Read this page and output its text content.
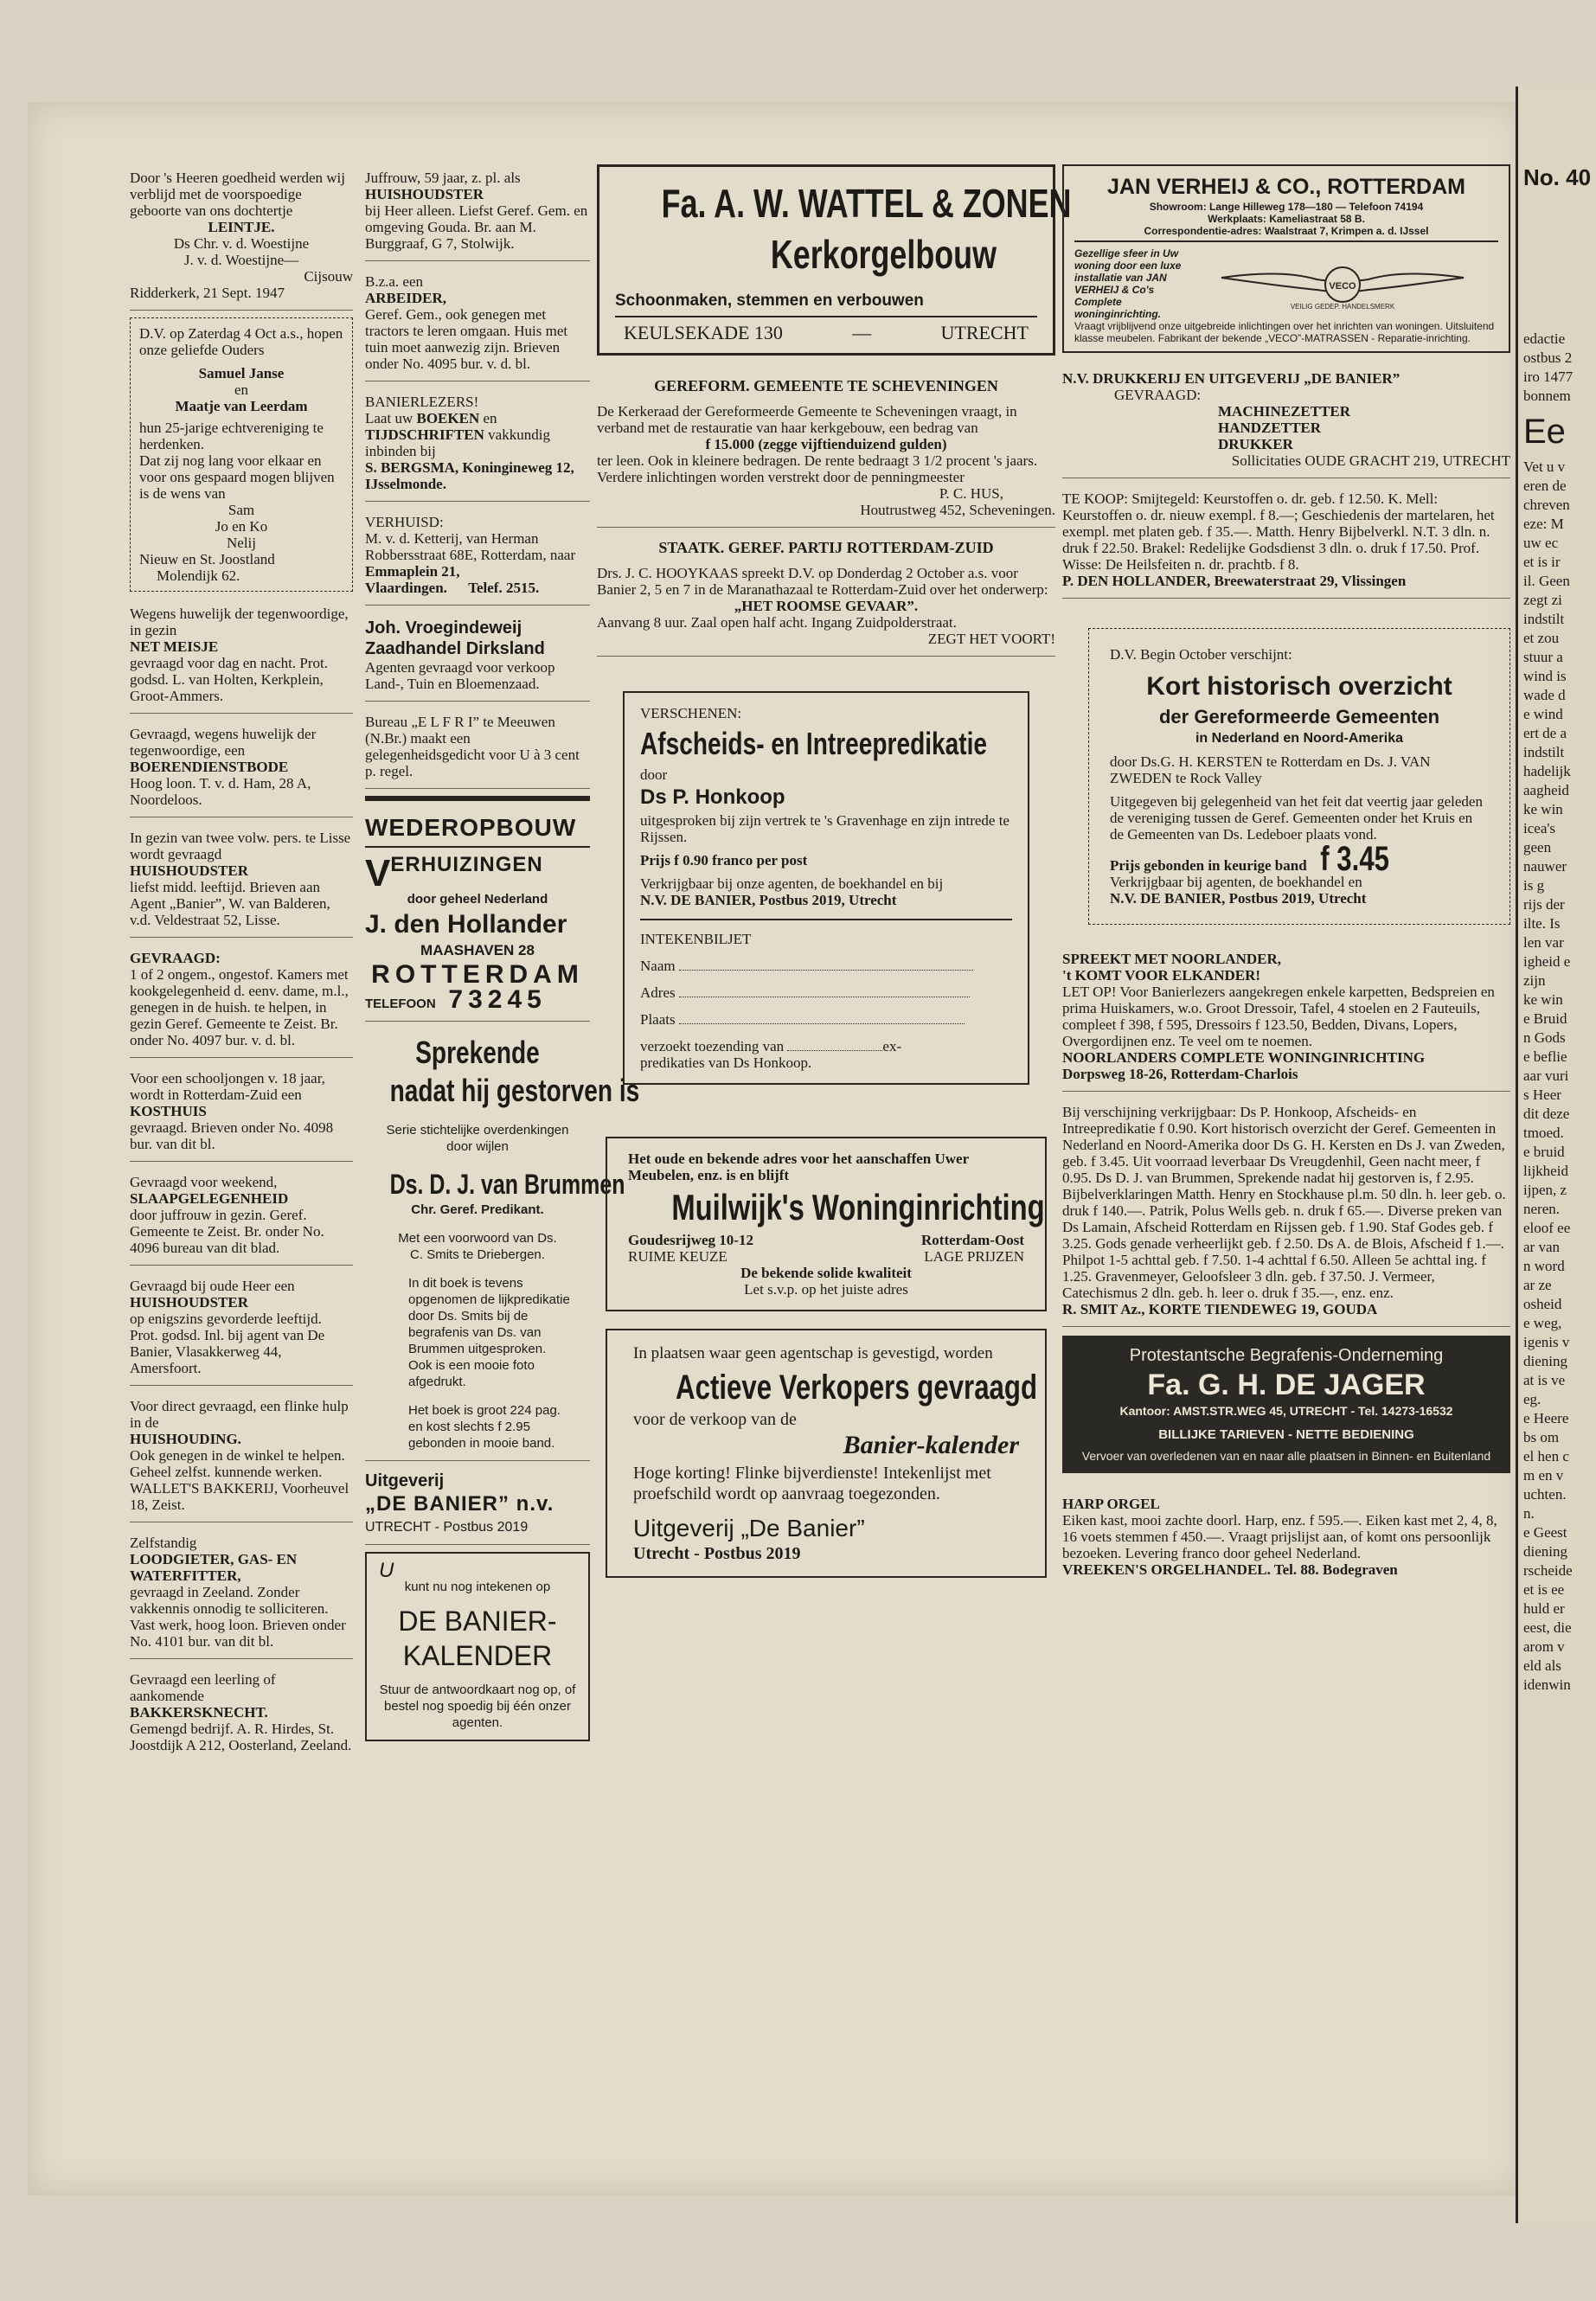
Door 's Heeren goedheid werden wij verblijd met de voorspoedige geboorte van ons dochtertje

LEINTJE.

Ds Chr. v. d. Woestijne

J. v. d. Woestijne—

Cijsouw

Ridderkerk, 21 Sept. 1947

D.V. op Zaterdag 4 Oct a.s., hopen onze geliefde Ouders

Samuel Janse

en

Maatje van Leerdam

hun 25-jarige echtvereniging te herdenken.

Dat zij nog lang voor elkaar en voor ons gespaard mogen blijven is de wens van

Sam

Jo en Ko

Nelij

Nieuw en St. Joostland

Molendijk 62.

Wegens huwelijk der tegenwoordige, in gezin

NET MEISJE

gevraagd voor dag en nacht. Prot. godsd. L. van Holten, Kerkplein, Groot-Ammers.

Gevraagd, wegens huwelijk der tegenwoordige, een

BOERENDIENSTBODE

Hoog loon. T. v. d. Ham, 28 A, Noordeloos.

In gezin van twee volw. pers. te Lisse wordt gevraagd

HUISHOUDSTER

liefst midd. leeftijd. Brieven aan Agent „Banier”, W. van Balderen, v.d. Veldestraat 52, Lisse.

GEVRAAGD:

1 of 2 ongem., ongestof. Kamers met kookgelegenheid d. eenv. dame, m.l., genegen in de huish. te helpen, in gezin Geref. Gemeente te Zeist. Br. onder No. 4097 bur. v. d. bl.

Voor een schooljongen v. 18 jaar, wordt in Rotterdam-Zuid een

KOSTHUIS

gevraagd. Brieven onder No. 4098 bur. van dit bl.

Gevraagd voor weekend,

SLAAPGELEGENHEID

door juffrouw in gezin. Geref. Gemeente te Zeist. Br. onder No. 4096 bureau van dit blad.

Gevraagd bij oude Heer een

HUISHOUDSTER

op enigszins gevorderde leeftijd. Prot. godsd. Inl. bij agent van De Banier, Vlasakkerweg 44, Amersfoort.

Voor direct gevraagd, een flinke hulp in de

HUISHOUDING.

Ook genegen in de winkel te helpen. Geheel zelfst. kunnende werken. WALLET'S BAKKERIJ, Voorheuvel 18, Zeist.

Zelfstandig

LOODGIETER, GAS- EN WATERFITTER,

gevraagd in Zeeland. Zonder vakkennis onnodig te solliciteren. Vast werk, hoog loon. Brieven onder No. 4101 bur. van dit bl.

Gevraagd een leerling of aankomende

BAKKERSKNECHT.

Gemengd bedrijf. A. R. Hirdes, St. Joostdijk A 212, Oosterland, Zeeland.

Juffrouw, 59 jaar, z. pl. als

HUISHOUDSTER

bij Heer alleen. Liefst Geref. Gem. en omgeving Gouda. Br. aan M. Burggraaf, G 7, Stolwijk.

B.z.a. een

ARBEIDER,

Geref. Gem., ook genegen met tractors te leren omgaan. Huis met tuin moet aanwezig zijn. Brieven onder No. 4095 bur. v. d. bl.

BANIERLEZERS!

Laat uw BOEKEN en TIJDSCHRIFTEN vakkundig inbinden bij

S. BERGSMA, Koningineweg 12, IJsselmonde.

VERHUISD:

M. v. d. Ketterij, van Herman Robbersstraat 68E, Rotterdam, naar

Emmaplein 21,

Vlaardingen. Telef. 2515.

Joh. Vroegindeweij

Zaadhandel Dirksland

Agenten gevraagd voor verkoop Land-, Tuin en Bloemenzaad.

Bureau „E L F R I” te Meeuwen (N.Br.) maakt een gelegenheidsgedicht voor U à 3 cent p. regel.

WEDEROPBOUW

VERHUIZINGEN

door geheel Nederland

J. den Hollander

MAASHAVEN 28

ROTTERDAM

TELEFOON 73245

Sprekende

nadat hij gestorven is

Serie stichtelijke overdenkingen door wijlen

Ds. D. J. van Brummen

Chr. Geref. Predikant.

Met een voorwoord van Ds. C. Smits te Driebergen.

In dit boek is tevens opgenomen de lijkpredikatie door Ds. Smits bij de begrafenis van Ds. van Brummen uitgesproken. Ook is een mooie foto afgedrukt.

Het boek is groot 224 pag. en kost slechts f 2.95 gebonden in mooie band.

Uitgeverij

„DE BANIER” n.v.

UTRECHT - Postbus 2019

U

kunt nu nog intekenen op

DE BANIER-KALENDER

Stuur de antwoordkaart nog op, of bestel nog spoedig bij één onzer agenten.

Fa. A. W. WATTEL & ZONEN

Kerkorgelbouw

Schoonmaken, stemmen en verbouwen

KEULSEKADE 130	—	UTRECHT

GEREFORM. GEMEENTE TE SCHEVENINGEN

De Kerkeraad der Gereformeerde Gemeente te Scheveningen vraagt, in verband met de restauratie van haar kerkgebouw, een bedrag van

f 15.000 (zegge vijftienduizend gulden)

ter leen. Ook in kleinere bedragen. De rente bedraagt 3 1/2 procent 's jaars. Verdere inlichtingen worden verstrekt door de penningmeester

P. C. HUS,

Houtrustweg 452, Scheveningen.

STAATK. GEREF. PARTIJ ROTTERDAM-ZUID

Drs. J. C. HOOYKAAS spreekt D.V. op Donderdag 2 October a.s. voor Banier 2, 5 en 7 in de Maranathazaal te Rotterdam-Zuid over het onderwerp:

„HET ROOMSE GEVAAR”.

Aanvang 8 uur. Zaal open half acht. Ingang Zuidpolderstraat.

ZEGT HET VOORT!

VERSCHENEN:

Afscheids- en Intreepredikatie

door

Ds P. Honkoop

uitgesproken bij zijn vertrek te 's Gravenhage en zijn intrede te Rijssen.

Prijs f 0.90 franco per post

Verkrijgbaar bij onze agenten, de boekhandel en bij

N.V. DE BANIER, Postbus 2019, Utrecht

INTEKENBILJET

Naam

Adres

Plaats

verzoekt toezending van	ex-

predikaties van Ds Honkoop.

Het oude en bekende adres voor het aanschaffen Uwer Meubelen, enz. is en blijft

Muilwijk's Woninginrichting

Goudesrijweg 10-12	Rotterdam-Oost

RUIME KEUZE	LAGE PRIJZEN

De bekende solide kwaliteit

Let s.v.p. op het juiste adres

In plaatsen waar geen agentschap is gevestigd, worden

Actieve Verkopers gevraagd

voor de verkoop van de

Banier-kalender

Hoge korting! Flinke bijverdienste! Intekenlijst met proefschild wordt op aanvraag toegezonden.

Uitgeverij „De Banier”

Utrecht - Postbus 2019

JAN VERHEIJ & CO., ROTTERDAM

Showroom: Lange Hilleweg 178—180 — Telefoon 74194

Werkplaats: Kameliastraat 58 B.

Correspondentie-adres: Waalstraat 7, Krimpen a. d. IJssel

Gezellige sfeer in Uw woning door een luxe installatie van JAN VERHEIJ & Co's Complete woninginrichting.

VECO
VEILIG GEDEP. HANDELSMERK

Vraagt vrijblijvend onze uitgebreide inlichtingen over het inrichten van woningen. Uitsluitend klasse meubelen. Fabrikant der bekende „VECO”-MATRASSEN - Reparatie-inrichting.

N.V. DRUKKERIJ EN UITGEVERIJ „DE BANIER”

GEVRAAGD:

MACHINEZETTER

HANDZETTER

DRUKKER

Sollicitaties OUDE GRACHT 219, UTRECHT

TE KOOP: Smijtegeld: Keurstoffen o. dr. geb. f 12.50. K. Mell: Keurstoffen o. dr. nieuw exempl. f 8.—; Geschiedenis der martelaren, het exempl. met platen geb. f 35.—. Matth. Henry Bijbelverkl. N.T. 3 dln. n. druk f 22.50. Brakel: Redelijke Godsdienst 3 dln. o. druk f 17.50. Prof. Wisse: De Heilsfeiten n. dr. prachtb. f 8.

P. DEN HOLLANDER, Breewaterstraat 29, Vlissingen

D.V. Begin October verschijnt:

Kort historisch overzicht

der Gereformeerde Gemeenten

in Nederland en Noord-Amerika

door Ds.G. H. KERSTEN te Rotterdam en Ds. J. VAN ZWEDEN te Rock Valley

Uitgegeven bij gelegenheid van het feit dat veertig jaar geleden de vereniging tussen de Geref. Gemeenten onder het Kruis en de Gemeenten van Ds. Ledeboer plaats vond.

Prijs gebonden in keurige band f 3.45

Verkrijgbaar bij agenten, de boekhandel en

N.V. DE BANIER, Postbus 2019, Utrecht

SPREEKT MET NOORLANDER,

't KOMT VOOR ELKANDER!

LET OP! Voor Banierlezers aangekregen enkele karpetten, Bedspreien en prima Huiskamers, w.o. Groot Dressoir, Tafel, 4 stoelen en 2 Fauteuils, compleet f 398, f 595, Dressoirs f 123.50, Bedden, Divans, Lopers, Overgordijnen enz. Te veel om te noemen.

NOORLANDERS COMPLETE WONINGINRICHTING

Dorpsweg 18-26, Rotterdam-Charlois

Bij verschijning verkrijgbaar: Ds P. Honkoop, Afscheids- en Intreepredikatie f 0.90. Kort historisch overzicht der Geref. Gemeenten in Nederland en Noord-Amerika door Ds G. H. Kersten en Ds J. van Zweden, geb. f 3.45. Uit voorraad leverbaar Ds Vreugdenhil, Geen nacht meer, f 0.95. Ds D. J. van Brummen, Sprekende nadat hij gestorven is, f 2.95. Bijbelverklaringen Matth. Henry en Stockhause pl.m. 50 dln. h. leer geb. o. druk f 140.—. Patrik, Polus Wells geb. n. druk f 65.—. Diverse preken van Ds Lamain, Afscheid Rotterdam en Rijssen geb. f 1.90. Staf Godes geb. f 3.25. Gods genade verheerlijkt geb. f 2.50. Ds A. de Blois, Afscheid f 1.—. Philpot 1-5 achttal geb. f 7.50. 1-4 achttal f 6.50. Alleen 5e achttal ing. f 1.25. Gravenmeyer, Geloofsleer 3 dln. geb. f 37.50. J. Vermeer, Catechismus 2 dln. geb. h. leer o. druk f 35.—, enz. enz.

R. SMIT Az., KORTE TIENDEWEG 19, GOUDA

Protestantsche Begrafenis-Onderneming

Fa. G. H. DE JAGER

Kantoor: AMST.STR.WEG 45, UTRECHT - Tel. 14273-16532

BILLIJKE TARIEVEN - NETTE BEDIENING

Vervoer van overledenen van en naar alle plaatsen in Binnen- en Buitenland

HARP ORGEL

Eiken kast, mooi zachte doorl. Harp, enz. f 595.—. Eiken kast met 2, 4, 8, 16 voets stemmen f 450.—. Vraagt prijslijst aan, of komt ons persoonlijk bezoeken. Levering franco door geheel Nederland.

VREEKEN'S ORGELHANDEL. Tel. 88. Bodegraven

No. 40

edactie
ostbus 2
iro 1477
bonnem
Ee
Vet u v
eren de
chreven
eze: M
uw ec
et is ir
il. Geen
zegt zi
indstilt
et zou
stuur a
wind is
wade d
e wind
ert de a
indstilt
hadelijk
aagheid
ke win
icea's
geen
nauwer
is g
rijs der
ilte. Is
len var
igheid e
zijn
ke win
e Bruid
n Gods
e beflie
aar vuri
s Heer
dit deze
tmoed.
e bruid
lijkheid
ijpen, z
neren.
eloof ee
ar van
n word
ar ze
osheid
e weg,
igenis v
diening
at is ve
eg.
e Heere
bs om
el hen c
m en v
uchten.
n.
e Geest
diening
rscheide
et is ee
huld er
eest, die
arom v
eld als
idenwin
